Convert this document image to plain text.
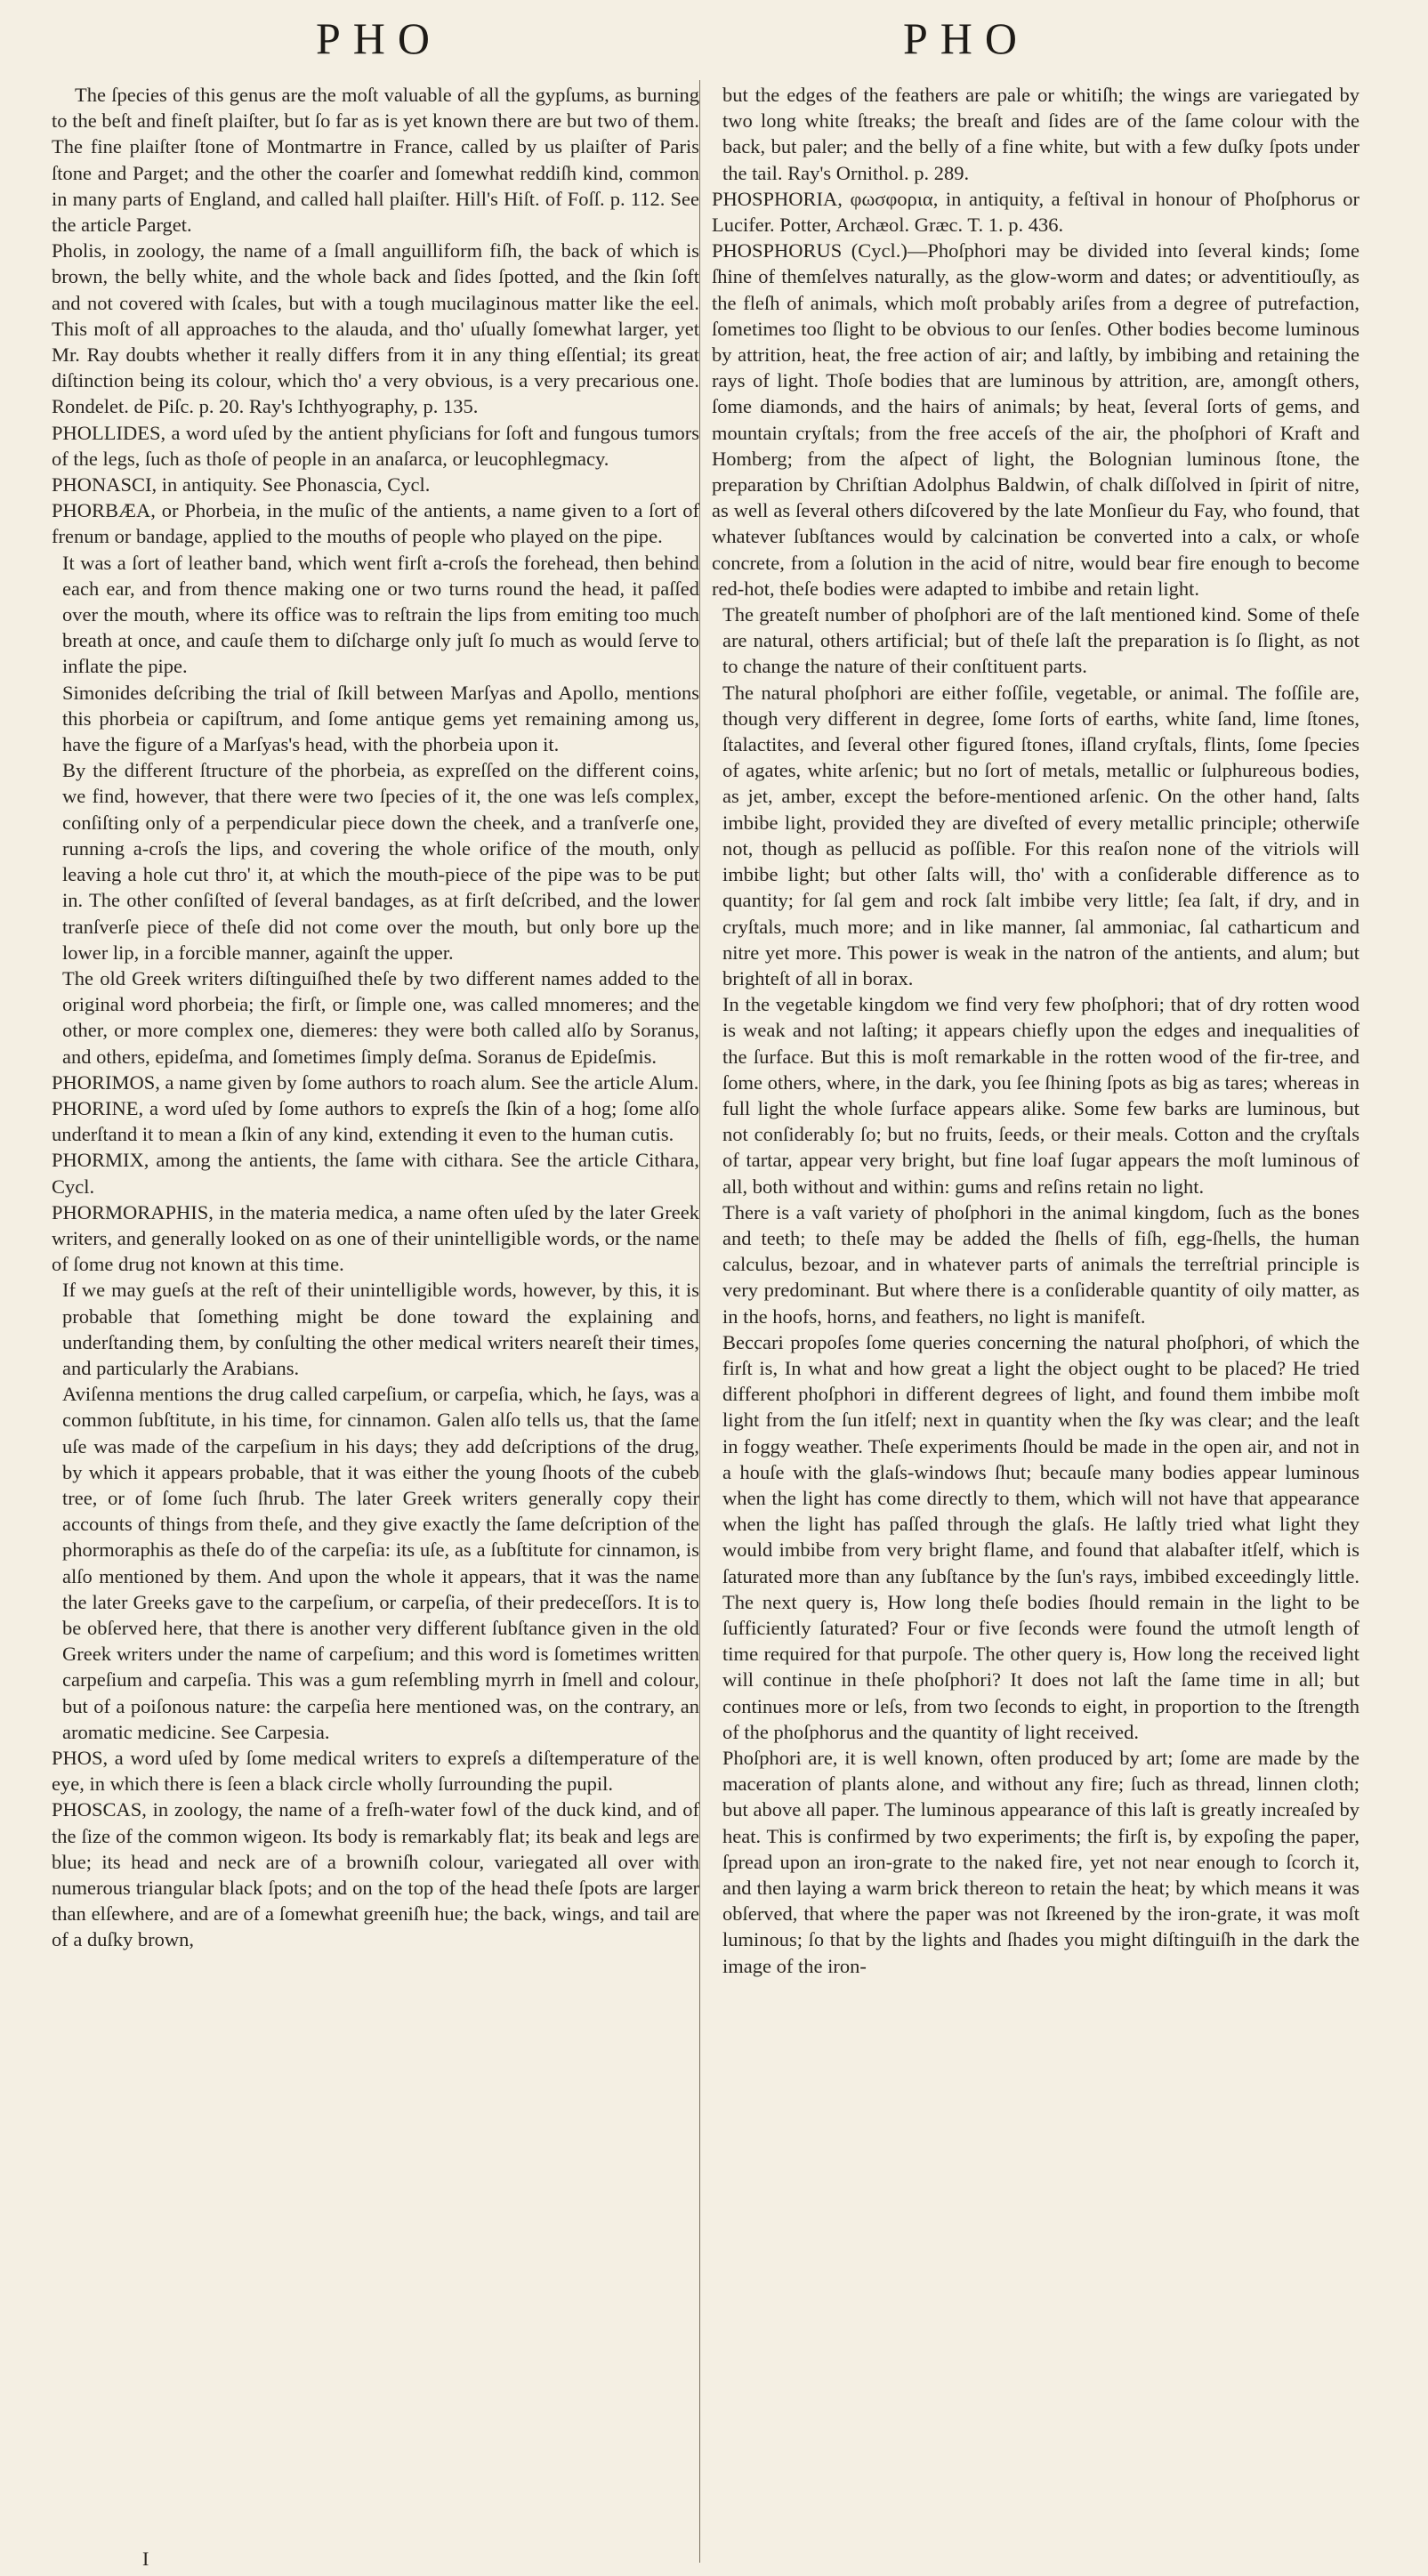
PHO	PHO

The ſpecies of this genus are the moſt valuable of all the gypſums, as burning to the beſt and fineſt plaiſter, but ſo far as is yet known there are but two of them. The fine plaiſter ſtone of Montmartre in France, called by us plaiſter of Paris ſtone and Parget; and the other the coarſer and ſomewhat reddiſh kind, common in many parts of England, and called hall plaiſter. Hill's Hiſt. of Foſſ. p. 112. See the article Parget.

Pholis, in zoology, the name of a ſmall anguilliform fiſh, the back of which is brown, the belly white, and the whole back and ſides ſpotted, and the ſkin ſoft and not covered with ſcales, but with a tough mucilaginous matter like the eel. This moſt of all approaches to the alauda, and tho' uſually ſomewhat larger, yet Mr. Ray doubts whether it really differs from it in any thing eſſential; its great diſtinction being its colour, which tho' a very obvious, is a very precarious one. Rondelet. de Piſc. p. 20. Ray's Ichthyography, p. 135.

PHOLLIDES, a word uſed by the antient phyſicians for ſoft and fungous tumors of the legs, ſuch as thoſe of people in an anaſarca, or leucophlegmacy.

PHONASCI, in antiquity. See Phonascia, Cycl.

PHORBÆA, or Phorbeia, in the muſic of the antients, a name given to a ſort of frenum or bandage, applied to the mouths of people who played on the pipe.

It was a ſort of leather band, which went firſt a-croſs the forehead, then behind each ear, and from thence making one or two turns round the head, it paſſed over the mouth, where its office was to reſtrain the lips from emiting too much breath at once, and cauſe them to diſcharge only juſt ſo much as would ſerve to inflate the pipe.

Simonides deſcribing the trial of ſkill between Marſyas and Apollo, mentions this phorbeia or capiſtrum, and ſome antique gems yet remaining among us, have the figure of a Marſyas's head, with the phorbeia upon it.

By the different ſtructure of the phorbeia, as expreſſed on the different coins, we find, however, that there were two ſpecies of it, the one was leſs complex, conſiſting only of a perpendicular piece down the cheek, and a tranſverſe one, running a-croſs the lips, and covering the whole orifice of the mouth, only leaving a hole cut thro' it, at which the mouth-piece of the pipe was to be put in. The other conſiſted of ſeveral bandages, as at firſt deſcribed, and the lower tranſverſe piece of theſe did not come over the mouth, but only bore up the lower lip, in a forcible manner, againſt the upper.

The old Greek writers diſtinguiſhed theſe by two different names added to the original word phorbeia; the firſt, or ſimple one, was called mnomeres; and the other, or more complex one, diemeres: they were both called alſo by Soranus, and others, epideſma, and ſometimes ſimply deſma. Soranus de Epideſmis.

PHORIMOS, a name given by ſome authors to roach alum. See the article Alum.

PHORINE, a word uſed by ſome authors to expreſs the ſkin of a hog; ſome alſo underſtand it to mean a ſkin of any kind, extending it even to the human cutis.

PHORMIX, among the antients, the ſame with cithara. See the article Cithara, Cycl.

PHORMORAPHIS, in the materia medica, a name often uſed by the later Greek writers, and generally looked on as one of their unintelligible words, or the name of ſome drug not known at this time.

If we may gueſs at the reſt of their unintelligible words, however, by this, it is probable that ſomething might be done toward the explaining and underſtanding them, by conſulting the other medical writers neareſt their times, and particularly the Arabians.

Aviſenna mentions the drug called carpeſium, or carpeſia, which, he ſays, was a common ſubſtitute, in his time, for cinnamon. Galen alſo tells us, that the ſame uſe was made of the carpeſium in his days; they add deſcriptions of the drug, by which it appears probable, that it was either the young ſhoots of the cubeb tree, or of ſome ſuch ſhrub. The later Greek writers generally copy their accounts of things from theſe, and they give exactly the ſame deſcription of the phormoraphis as theſe do of the carpeſia: its uſe, as a ſubſtitute for cinnamon, is alſo mentioned by them. And upon the whole it appears, that it was the name the later Greeks gave to the carpeſium, or carpeſia, of their predeceſſors. It is to be obſerved here, that there is another very different ſubſtance given in the old Greek writers under the name of carpeſium; and this word is ſometimes written carpeſium and carpeſia. This was a gum reſembling myrrh in ſmell and colour, but of a poiſonous nature: the carpeſia here mentioned was, on the contrary, an aromatic medicine. See Carpesia.

PHOS, a word uſed by ſome medical writers to expreſs a diſtemperature of the eye, in which there is ſeen a black circle wholly ſurrounding the pupil.

PHOSCAS, in zoology, the name of a freſh-water fowl of the duck kind, and of the ſize of the common wigeon. Its body is remarkably flat; its beak and legs are blue; its head and neck are of a browniſh colour, variegated all over with numerous triangular black ſpots; and on the top of the head theſe ſpots are larger than elſewhere, and are of a ſomewhat greeniſh hue; the back, wings, and tail are of a duſky brown,

but the edges of the feathers are pale or whitiſh; the wings are variegated by two long white ſtreaks; the breaſt and ſides are of the ſame colour with the back, but paler; and the belly of a fine white, but with a few duſky ſpots under the tail. Ray's Ornithol. p. 289.

PHOSPHORIA, φωσφορια, in antiquity, a feſtival in honour of Phoſphorus or Lucifer. Potter, Archæol. Græc. T. 1. p. 436.

PHOSPHORUS (Cycl.)—Phoſphori may be divided into ſeveral kinds; ſome ſhine of themſelves naturally, as the glow-worm and dates; or adventitiouſly, as the fleſh of animals, which moſt probably ariſes from a degree of putrefaction, ſometimes too ſlight to be obvious to our ſenſes. Other bodies become luminous by attrition, heat, the free action of air; and laſtly, by imbibing and retaining the rays of light. Thoſe bodies that are luminous by attrition, are, amongſt others, ſome diamonds, and the hairs of animals; by heat, ſeveral ſorts of gems, and mountain cryſtals; from the free acceſs of the air, the phoſphori of Kraft and Homberg; from the aſpect of light, the Bolognian luminous ſtone, the preparation by Chriſtian Adolphus Baldwin, of chalk diſſolved in ſpirit of nitre, as well as ſeveral others diſcovered by the late Monſieur du Fay, who found, that whatever ſubſtances would by calcination be converted into a calx, or whoſe concrete, from a ſolution in the acid of nitre, would bear fire enough to become red-hot, theſe bodies were adapted to imbibe and retain light.

The greateſt number of phoſphori are of the laſt mentioned kind. Some of theſe are natural, others artificial; but of theſe laſt the preparation is ſo ſlight, as not to change the nature of their conſtituent parts.

The natural phoſphori are either foſſile, vegetable, or animal. The foſſile are, though very different in degree, ſome ſorts of earths, white ſand, lime ſtones, ſtalactites, and ſeveral other figured ſtones, iſland cryſtals, flints, ſome ſpecies of agates, white arſenic; but no ſort of metals, metallic or ſulphureous bodies, as jet, amber, except the before-mentioned arſenic. On the other hand, ſalts imbibe light, provided they are diveſted of every metallic principle; otherwiſe not, though as pellucid as poſſible. For this reaſon none of the vitriols will imbibe light; but other ſalts will, tho' with a conſiderable difference as to quantity; for ſal gem and rock ſalt imbibe very little; ſea ſalt, if dry, and in cryſtals, much more; and in like manner, ſal ammoniac, ſal catharticum and nitre yet more. This power is weak in the natron of the antients, and alum; but brighteſt of all in borax.

In the vegetable kingdom we find very few phoſphori; that of dry rotten wood is weak and not laſting; it appears chiefly upon the edges and inequalities of the ſurface. But this is moſt remarkable in the rotten wood of the fir-tree, and ſome others, where, in the dark, you ſee ſhining ſpots as big as tares; whereas in full light the whole ſurface appears alike. Some few barks are luminous, but not conſiderably ſo; but no fruits, ſeeds, or their meals. Cotton and the cryſtals of tartar, appear very bright, but fine loaf ſugar appears the moſt luminous of all, both without and within: gums and reſins retain no light.

There is a vaſt variety of phoſphori in the animal kingdom, ſuch as the bones and teeth; to theſe may be added the ſhells of fiſh, egg-ſhells, the human calculus, bezoar, and in whatever parts of animals the terreſtrial principle is very predominant. But where there is a conſiderable quantity of oily matter, as in the hoofs, horns, and feathers, no light is manifeſt.

Beccari propoſes ſome queries concerning the natural phoſphori, of which the firſt is, In what and how great a light the object ought to be placed? He tried different phoſphori in different degrees of light, and found them imbibe moſt light from the ſun itſelf; next in quantity when the ſky was clear; and the leaſt in foggy weather. Theſe experiments ſhould be made in the open air, and not in a houſe with the glaſs-windows ſhut; becauſe many bodies appear luminous when the light has come directly to them, which will not have that appearance when the light has paſſed through the glaſs. He laſtly tried what light they would imbibe from very bright flame, and found that alabaſter itſelf, which is ſaturated more than any ſubſtance by the ſun's rays, imbibed exceedingly little. The next query is, How long theſe bodies ſhould remain in the light to be ſufficiently ſaturated? Four or five ſeconds were found the utmoſt length of time required for that purpoſe. The other query is, How long the received light will continue in theſe phoſphori? It does not laſt the ſame time in all; but continues more or leſs, from two ſeconds to eight, in proportion to the ſtrength of the phoſphorus and the quantity of light received.

Phoſphori are, it is well known, often produced by art; ſome are made by the maceration of plants alone, and without any fire; ſuch as thread, linnen cloth; but above all paper. The luminous appearance of this laſt is greatly increaſed by heat. This is confirmed by two experiments; the firſt is, by expoſing the paper, ſpread upon an iron-grate to the naked fire, yet not near enough to ſcorch it, and then laying a warm brick thereon to retain the heat; by which means it was obſerved, that where the paper was not ſkreened by the iron-grate, it was moſt luminous; ſo that by the lights and ſhades you might diſtinguiſh in the dark the image of the iron-

I
